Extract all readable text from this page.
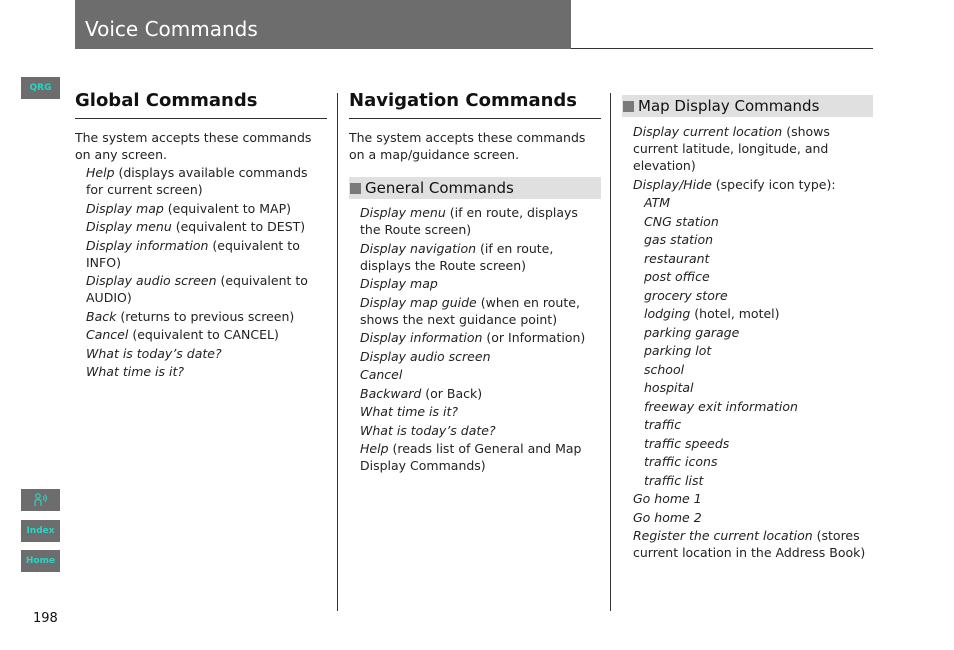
Voice Commands
QRG
Index
Home
Global Commands
The system accepts these commands on any screen.
Help (displays available commands for current screen)
Display map (equivalent to MAP)
Display menu (equivalent to DEST)
Display information (equivalent to INFO)
Display audio screen (equivalent to AUDIO)
Back (returns to previous screen)
Cancel (equivalent to CANCEL)
What is today’s date?
What time is it?
Navigation Commands
The system accepts these commands on a map/guidance screen.
General Commands
Display menu (if en route, displays the Route screen)
Display navigation (if en route, displays the Route screen)
Display map
Display map guide (when en route, shows the next guidance point)
Display information (or Information)
Display audio screen
Cancel
Backward (or Back)
What time is it?
What is today’s date?
Help (reads list of General and Map Display Commands)
Map Display Commands
Display current location (shows current latitude, longitude, and elevation)
Display/Hide (specify icon type):
ATM
CNG station
gas station
restaurant
post office
grocery store
lodging (hotel, motel)
parking garage
parking lot
school
hospital
freeway exit information
traffic
traffic speeds
traffic icons
traffic list
Go home 1
Go home 2
Register the current location (stores current location in the Address Book)
198
